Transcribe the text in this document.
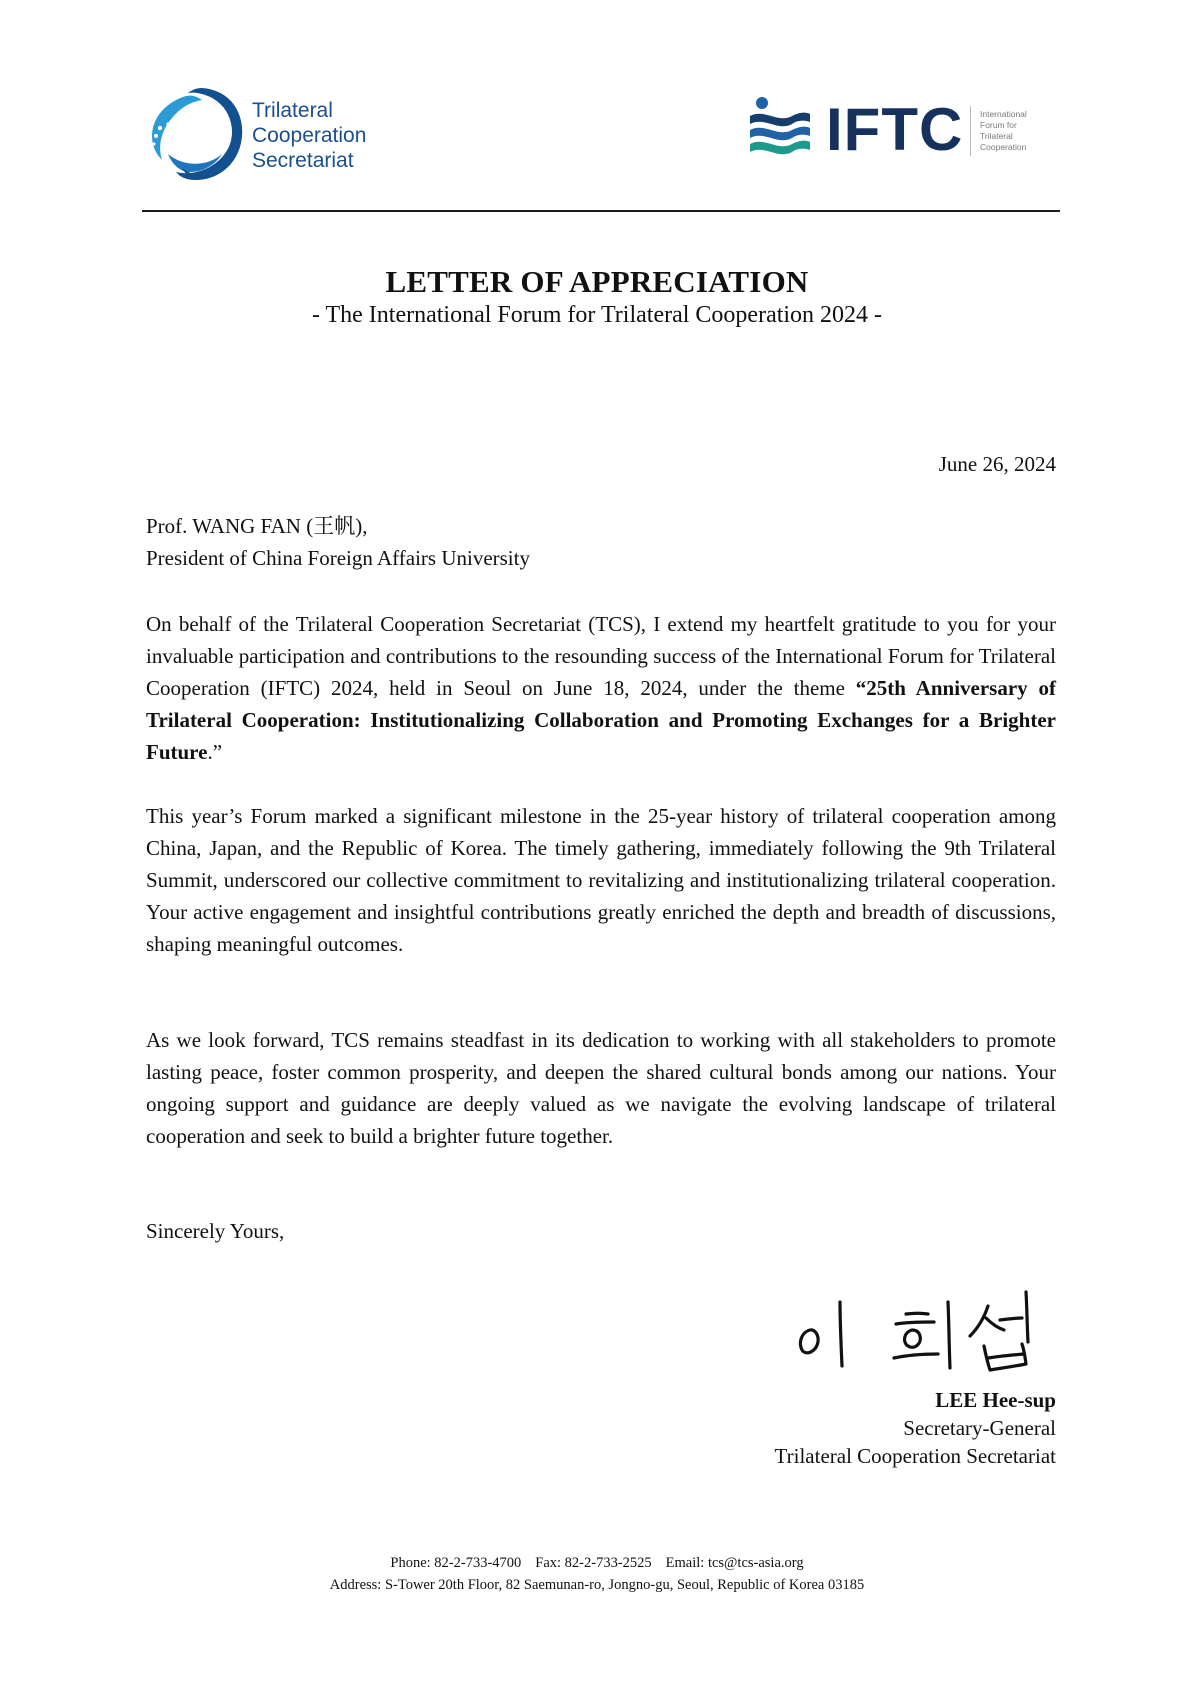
TCS
Trilateral
Cooperation
Secretariat	IFTC International
Forum for
Trilateral
Cooperation
LETTER OF APPRECIATION
- The International Forum for Trilateral Cooperation 2024 -
June 26, 2024
Prof. WANG FAN (王帆),
President of China Foreign Affairs University
On behalf of the Trilateral Cooperation Secretariat (TCS), I extend my heartfelt gratitude to you for your invaluable participation and contributions to the resounding success of the International Forum for Trilateral Cooperation (IFTC) 2024, held in Seoul on June 18, 2024, under the theme “25th Anniversary of Trilateral Cooperation: Institutionalizing Collaboration and Promoting Exchanges for a Brighter Future.”
This year’s Forum marked a significant milestone in the 25-year history of trilateral cooperation among China, Japan, and the Republic of Korea. The timely gathering, immediately following the 9th Trilateral Summit, underscored our collective commitment to revitalizing and institutionalizing trilateral cooperation. Your active engagement and insightful contributions greatly enriched the depth and breadth of discussions, shaping meaningful outcomes.
As we look forward, TCS remains steadfast in its dedication to working with all stakeholders to promote lasting peace, foster common prosperity, and deepen the shared cultural bonds among our nations. Your ongoing support and guidance are deeply valued as we navigate the evolving landscape of trilateral cooperation and seek to build a brighter future together.
Sincerely Yours,
LEE Hee-sup
Secretary-General
Trilateral Cooperation Secretariat
Phone: 82-2-733-4700 Fax: 82-2-733-2525 Email: tcs@tcs-asia.org
Address: S-Tower 20th Floor, 82 Saemunan-ro, Jongno-gu, Seoul, Republic of Korea 03185
